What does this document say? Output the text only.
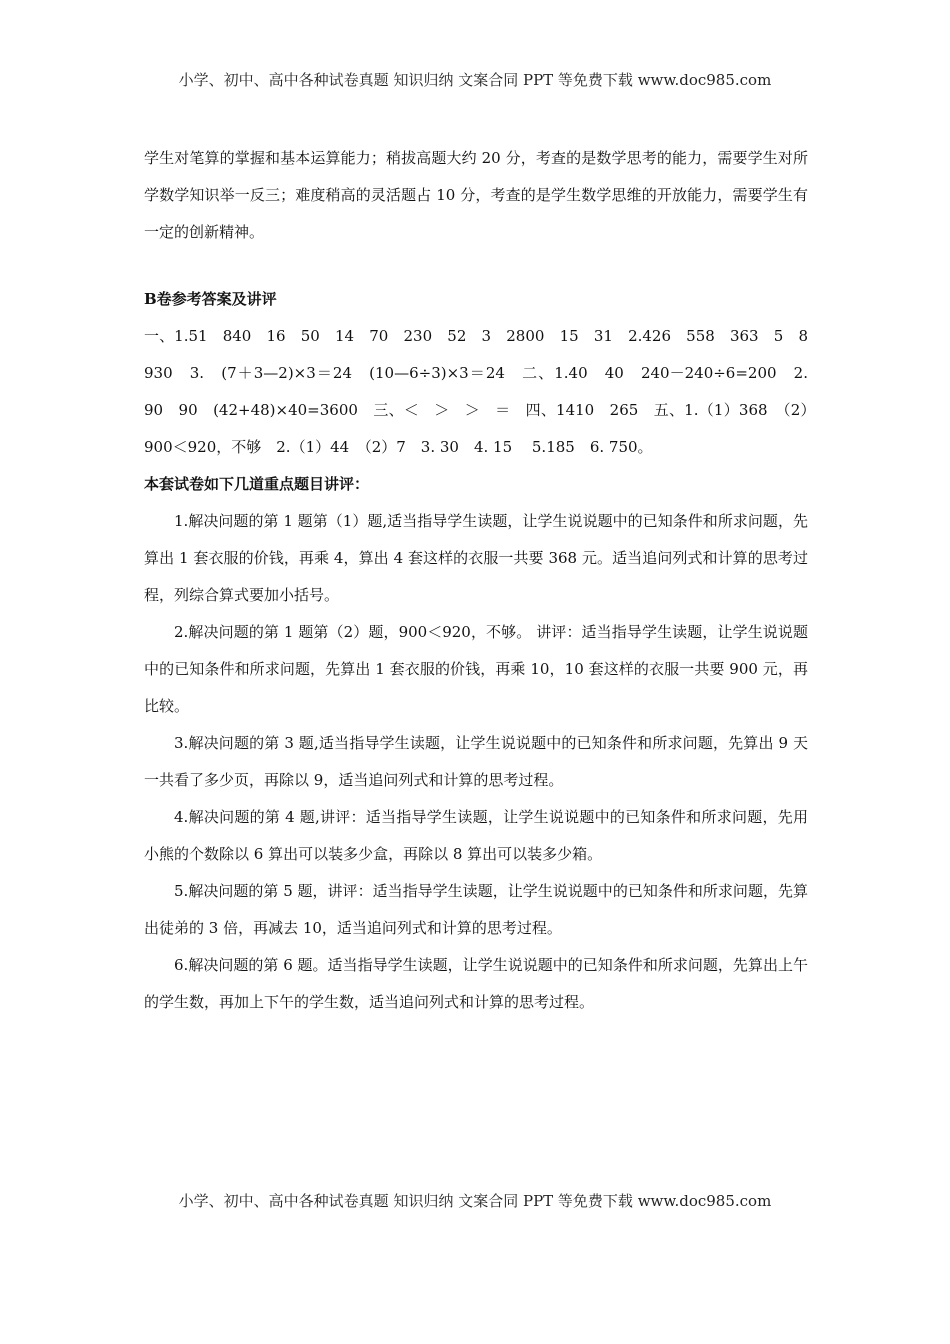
小学、初中、高中各种试卷真题 知识归纳 文案合同 PPT 等免费下载 www.doc985.com

学生对笔算的掌握和基本运算能力；稍拔高题大约 20 分，考查的是数学思考的能力，需要学生对所学数学知识举一反三；难度稍高的灵活题占 10 分，考查的是学生数学思维的开放能力，需要学生有一定的创新精神。

B卷参考答案及讲评

一、1.51　840　16　50　14　70　230　52　3　2800　15　31　2.426　558　363　5　8　930　3.　(7＋3—2)×3＝24　(10—6÷3)×3＝24　二、1.40　40　240－240÷6=200　2. 90　90　(42+48)×40=3600　三、＜　＞　＞　＝　四、1410　265　五、1.（1）368　（2）900＜920，不够　2.（1）44　（2）7　3. 30　4. 15　 5.185　6. 750。

本套试卷如下几道重点题目讲评：

1.解决问题的第 1 题第（1）题,适当指导学生读题，让学生说说题中的已知条件和所求问题，先算出 1 套衣服的价钱，再乘 4，算出 4 套这样的衣服一共要 368 元。适当追问列式和计算的思考过程，列综合算式要加小括号。

2.解决问题的第 1 题第（2）题，900＜920，不够。 讲评：适当指导学生读题，让学生说说题中的已知条件和所求问题，先算出 1 套衣服的价钱，再乘 10，10 套这样的衣服一共要 900 元，再比较。

3.解决问题的第 3 题,适当指导学生读题，让学生说说题中的已知条件和所求问题，先算出 9 天一共看了多少页，再除以 9，适当追问列式和计算的思考过程。

4.解决问题的第 4 题,讲评：适当指导学生读题，让学生说说题中的已知条件和所求问题，先用小熊的个数除以 6 算出可以装多少盒，再除以 8 算出可以装多少箱。

5.解决问题的第 5 题，讲评：适当指导学生读题，让学生说说题中的已知条件和所求问题，先算出徒弟的 3 倍，再减去 10，适当追问列式和计算的思考过程。

6.解决问题的第 6 题。适当指导学生读题，让学生说说题中的已知条件和所求问题，先算出上午的学生数，再加上下午的学生数，适当追问列式和计算的思考过程。

小学、初中、高中各种试卷真题 知识归纳 文案合同 PPT 等免费下载 www.doc985.com
